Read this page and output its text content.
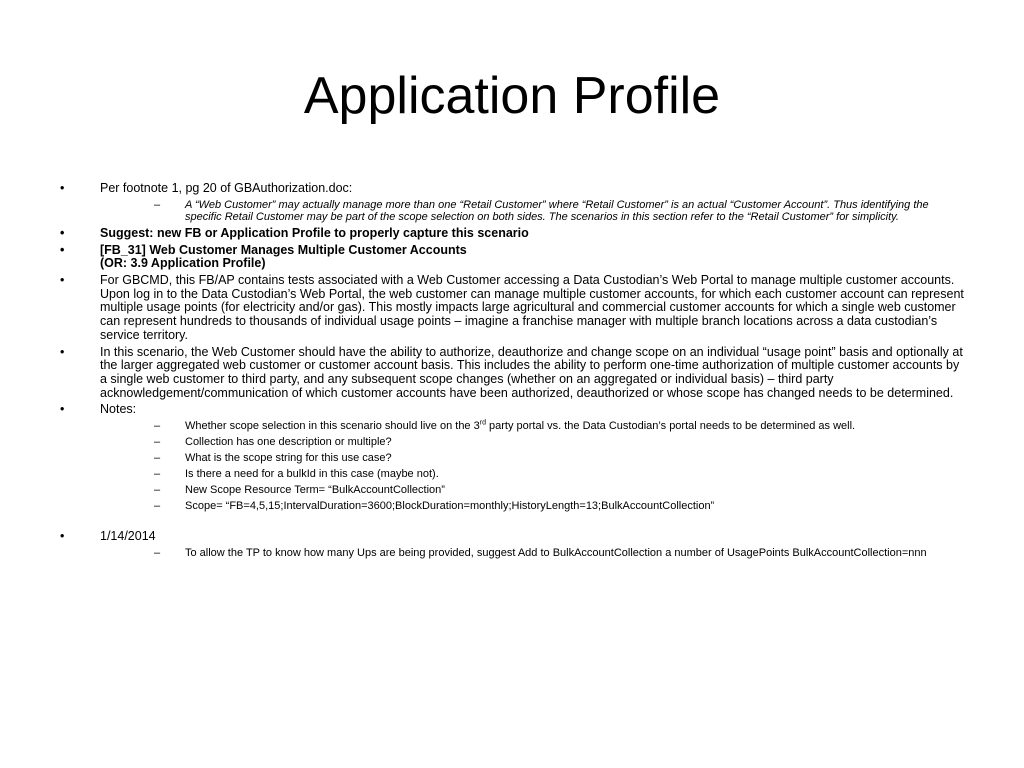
Application Profile
•	Per footnote 1, pg 20 of GBAuthorization.doc:
– A “Web Customer” may actually manage more than one “Retail Customer” where “Retail Customer” is an actual “Customer Account”. Thus identifying the specific Retail Customer may be part of the scope selection on both sides. The scenarios in this section refer to the “Retail Customer” for simplicity.
•	Suggest: new FB or Application Profile to properly capture this scenario
•	[FB_31] Web Customer Manages Multiple Customer Accounts
(OR: 3.9 Application Profile)
•	For GBCMD, this FB/AP contains tests associated with a Web Customer accessing a Data Custodian’s Web Portal to manage multiple customer accounts. Upon log in to the Data Custodian’s Web Portal, the web customer can manage multiple customer accounts, for which each customer account can represent multiple usage points (for electricity and/or gas). This mostly impacts large agricultural and commercial customer accounts for which a single web customer can represent hundreds to thousands of individual usage points – imagine a franchise manager with multiple branch locations across a data custodian’s service territory.
•	In this scenario, the Web Customer should have the ability to authorize, deauthorize and change scope on an individual “usage point” basis and optionally at the larger aggregated web customer or customer account basis. This includes the ability to perform one-time authorization of multiple customer accounts by a single web customer to third party, and any subsequent scope changes (whether on an aggregated or individual basis) – third party acknowledgement/communication of which customer accounts have been authorized, deauthorized or whose scope has changed needs to be determined.
•	Notes:
– Whether scope selection in this scenario should live on the 3rd party portal vs. the Data Custodian’s portal needs to be determined as well.
– Collection has one description or multiple?
– What is the scope string for this use case?
– Is there a need for a bulkId in this case (maybe not).
– New Scope Resource Term= “BulkAccountCollection”
– Scope= “FB=4,5,15;IntervalDuration=3600;BlockDuration=monthly;HistoryLength=13;BulkAccountCollection”
•	1/14/2014
– To allow the TP to know how many Ups are being provided, suggest Add to BulkAccountCollection a number of UsagePoints BulkAccountCollection=nnn
